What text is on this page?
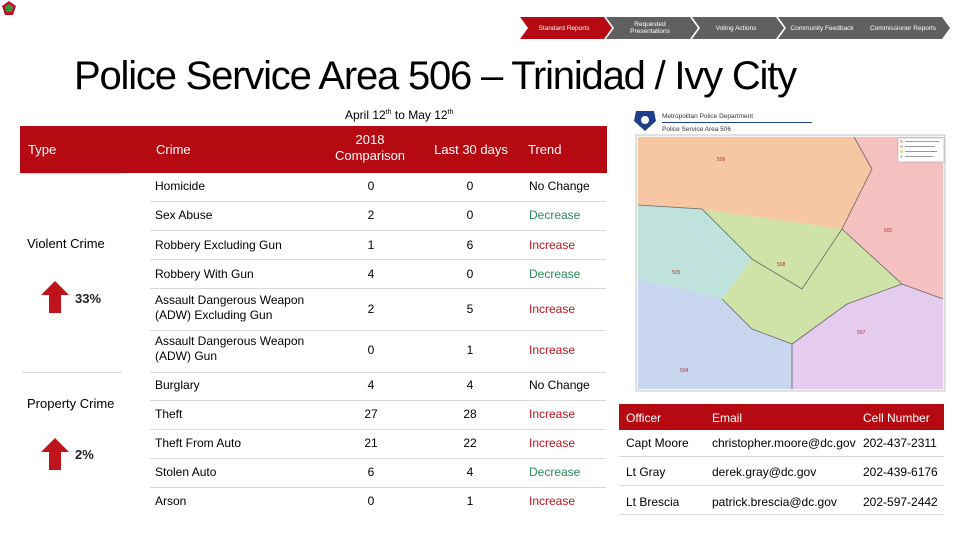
Standard Reports	Requested Presentations	Voting Actions	Community Feedback	Commissioner Reports
Police Service Area 506 – Trinidad / Ivy City
April 12th to May 12th
Type	Crime
2018
Comparison	Last 30 days	Trend
Violent Crime
33%
Property Crime
2%
Homicide	0	0	No Change
Sex Abuse	2	0	Decrease
Robbery Excluding Gun	1	6	Increase
Robbery With Gun	4	0	Decrease
Assault Dangerous Weapon (ADW) Excluding Gun	2	5	Increase
Assault Dangerous Weapon (ADW) Gun	0	1	Increase
Burglary	4	4	No Change
Theft	27	28	Increase
Theft From Auto	21	22	Increase
Stolen Auto	6	4	Decrease
Arson	0	1	Increase
Metropolitan Police Department
Police Service Area 506
506
501
505
508
507
504
Officer	Email	Cell Number
Capt Moore christopher.moore@dc.gov 202-437-2311
Lt Gray	derek.gray@dc.gov	202-439-6176
Lt Brescia	patrick.brescia@dc.gov 202-597-2442
